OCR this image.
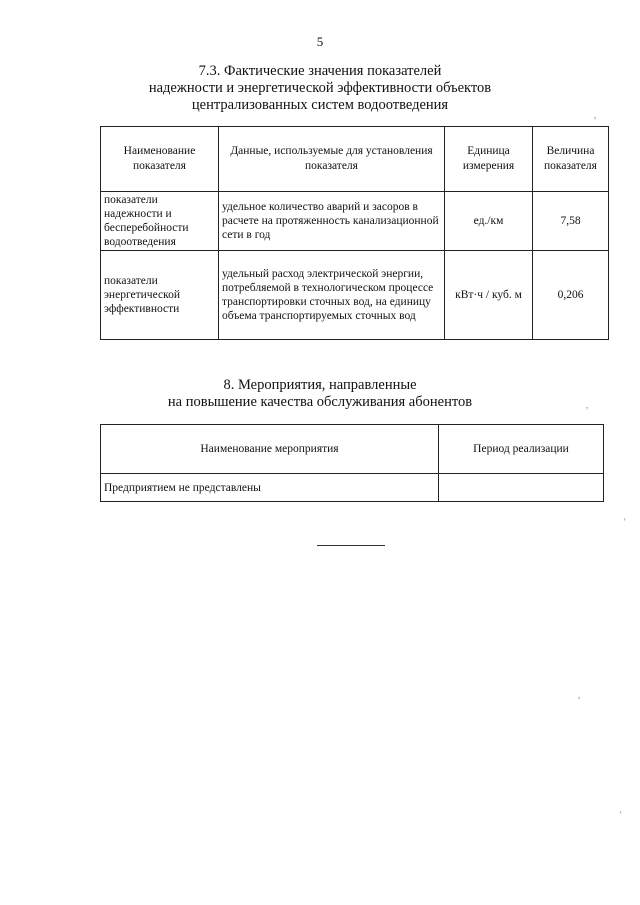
5
7.3. Фактические значения показателей
надежности и энергетической эффективности объектов
централизованных систем водоотведения
Наименование показателя	Данные, используемые для установления показателя	Единица измерения	Величина показателя
показатели надежности и бесперебойности водоотведения	удельное количество аварий и засоров в расчете на протяженность канализационной сети в год	ед./км	7,58
показатели энергетической эффективности	удельный расход электрической энергии, потребляемой в технологическом процессе транспортировки сточных вод, на единицу объема транспортируемых сточных вод	кВт·ч / куб. м	0,206
8. Мероприятия, направленные
на повышение качества обслуживания абонентов
Наименование мероприятия	Период реализации
Предприятием не представлены	
,
,
'
,
'
